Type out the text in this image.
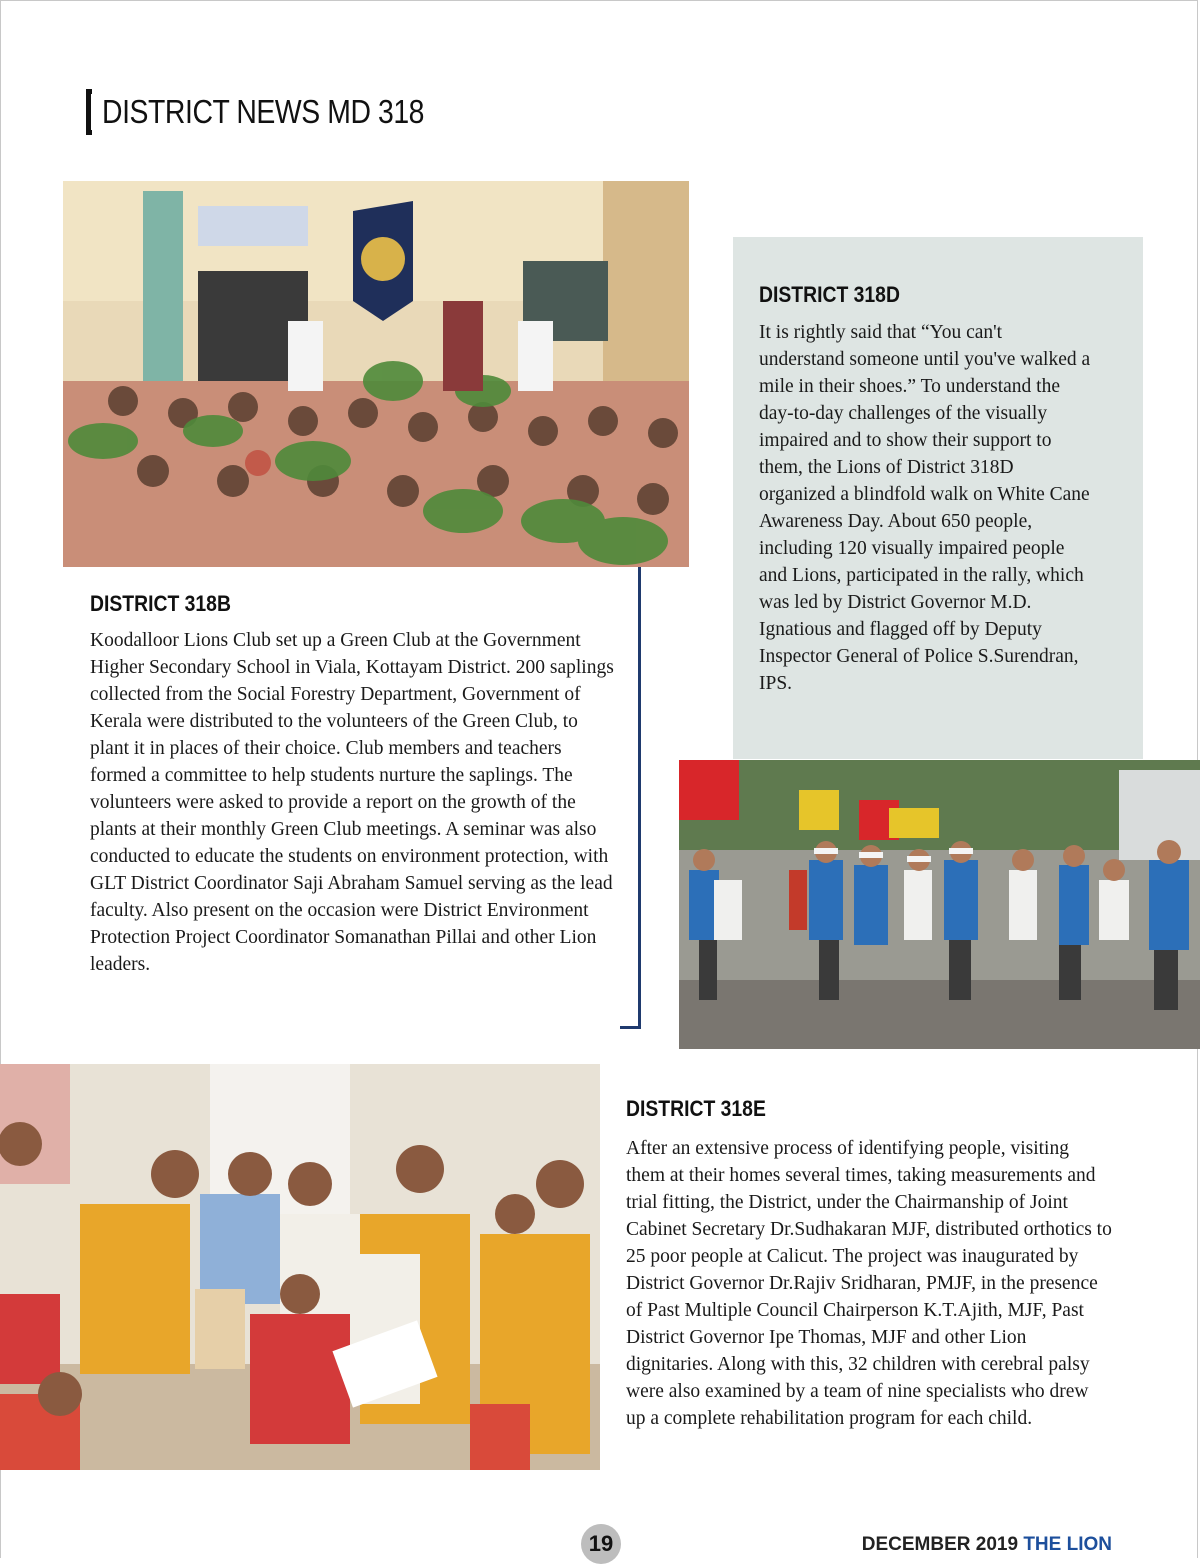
DISTRICT NEWS MD 318
DISTRICT 318B

Koodalloor Lions Club set up a Green Club at the Government Higher Secondary School in Viala, Kottayam District. 200 saplings collected from the Social Forestry Department, Government of Kerala were distributed to the volunteers of the Green Club, to plant it in places of their choice. Club members and teachers formed a committee to help students nurture the saplings. The volunteers were asked to provide a report on the growth of the plants at their monthly Green Club meetings. A seminar was also conducted to educate the students on environment protection, with GLT District Coordinator Saji Abraham Samuel serving as the lead faculty. Also present on the occasion were District Environment Protection Project Coordinator Somanathan Pillai and other Lion leaders.

DISTRICT 318D

It is rightly said that “You can't understand someone until you've walked a mile in their shoes.” To understand the day-to-day challenges of the visually impaired and to show their support to them, the Lions of District 318D organized a blindfold walk on White Cane Awareness Day. About 650 people, including 120 visually impaired people and Lions, participated in the rally, which was led by District Governor M.D. Ignatious and flagged off by Deputy Inspector General of Police S.Surendran, IPS.

DISTRICT 318E

After an extensive process of identifying people, visiting them at their homes several times, taking measurements and trial fitting, the District, under the Chairmanship of Joint Cabinet Secretary Dr.Sudhakaran MJF, distributed orthotics to 25 poor people at Calicut. The project was inaugurated by District Governor Dr.Rajiv Sridharan, PMJF, in the presence of Past Multiple Council Chairperson K.T.Ajith, MJF, Past District Governor Ipe Thomas, MJF and other Lion dignitaries. Along with this, 32 children with cerebral palsy were also examined by a team of nine specialists who drew up a complete rehabilitation program for each child.

19	DECEMBER 2019 THE LION
